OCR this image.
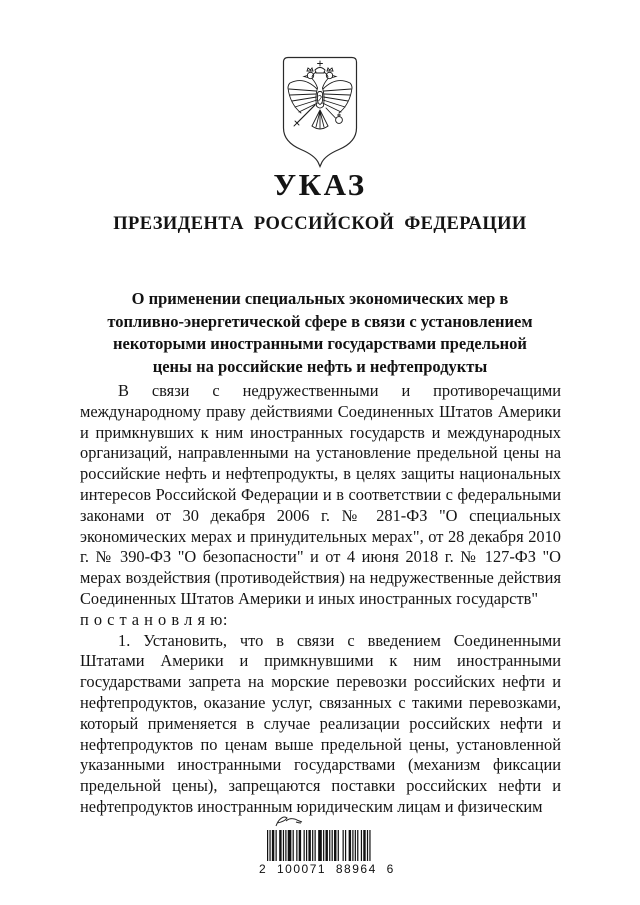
УКАЗ
ПРЕЗИДЕНТА РОССИЙСКОЙ ФЕДЕРАЦИИ
О применении специальных экономических мер в
топливно-энергетической сфере в связи с установлением
некоторыми иностранными государствами предельной
цены на российские нефть и нефтепродукты

В связи с недружественными и противоречащими международному праву действиями Соединенных Штатов Америки и примкнувших к ним иностранных государств и международных организаций, направленными на установление предельной цены на российские нефть и нефтепродукты, в целях защиты национальных интересов Российской Федерации и в соответствии с федеральными законами от 30 декабря 2006 г. № 281-ФЗ "О специальных экономических мерах и принудительных мерах", от 28 декабря 2010 г. № 390-ФЗ "О безопасности" и от 4 июня 2018 г. № 127-ФЗ "О мерах воздействия (противодействия) на недружественные действия Соединенных Штатов Америки и иных иностранных государств"

п о с т а н о в л я ю:

1. Установить, что в связи с введением Соединенными Штатами Америки и примкнувшими к ним иностранными государствами запрета на морские перевозки российских нефти и нефтепродуктов, оказание услуг, связанных с такими перевозками, который применяется в случае реализации российских нефти и нефтепродуктов по ценам выше предельной цены, установленной указанными иностранными государствами (механизм фиксации предельной цены), запрещаются поставки российских нефти и нефтепродуктов иностранным юридическим лицам и физическим

2 100071 88964 6
